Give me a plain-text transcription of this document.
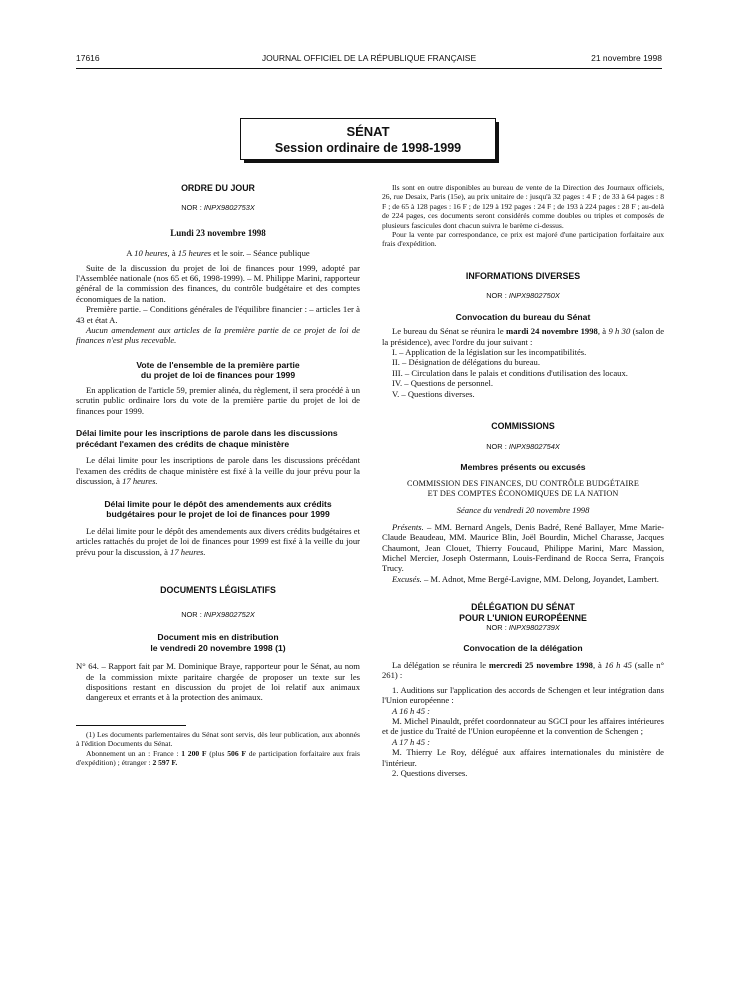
17616	JOURNAL OFFICIEL DE LA RÉPUBLIQUE FRANÇAISE	21 novembre 1998
SÉNAT
Session ordinaire de 1998-1999
ORDRE DU JOUR
NOR : INPX9802753X
Lundi 23 novembre 1998
A 10 heures, à 15 heures et le soir. – Séance publique

Suite de la discussion du projet de loi de finances pour 1999, adopté par l'Assemblée nationale (nos 65 et 66, 1998-1999). – M. Philippe Marini, rapporteur général de la commission des finances, du contrôle budgétaire et des comptes économiques de la nation.

Première partie. – Conditions générales de l'équilibre financier : – articles 1er à 43 et état A.

Aucun amendement aux articles de la première partie de ce projet de loi de finances n'est plus recevable.

Vote de l'ensemble de la première partie
du projet de loi de finances pour 1999

En application de l'article 59, premier alinéa, du règlement, il sera procédé à un scrutin public ordinaire lors du vote de la première partie du projet de loi de finances pour 1999.

Délai limite pour les inscriptions de parole dans les discussions précédant l'examen des crédits de chaque ministère

Le délai limite pour les inscriptions de parole dans les discussions précédant l'examen des crédits de chaque ministère est fixé à la veille du jour prévu pour la discussion, à 17 heures.

Délai limite pour le dépôt des amendements aux crédits
budgétaires pour le projet de loi de finances pour 1999

Le délai limite pour le dépôt des amendements aux divers crédits budgétaires et articles rattachés du projet de loi de finances pour 1999 est fixé à la veille du jour prévu pour la discussion, à 17 heures.

DOCUMENTS LÉGISLATIFS
NOR : INPX9802752X
Document mis en distribution
le vendredi 20 novembre 1998 (1)

N° 64. – Rapport fait par M. Dominique Braye, rapporteur pour le Sénat, au nom de la commission mixte paritaire chargée de proposer un texte sur les dispositions restant en discussion du projet de loi relatif aux animaux dangereux et errants et à la protection des animaux.

(1) Les documents parlementaires du Sénat sont servis, dès leur publication, aux abonnés à l'édition Documents du Sénat.

Abonnement un an : France : 1 200 F (plus 506 F de participation forfaitaire aux frais d'expédition) ; étranger : 2 597 F.

Ils sont en outre disponibles au bureau de vente de la Direction des Journaux officiels, 26, rue Desaix, Paris (15e), au prix unitaire de : jusqu'à 32 pages : 4 F ; de 33 à 64 pages : 8 F ; de 65 à 128 pages : 16 F ; de 129 à 192 pages : 24 F ; de 193 à 224 pages : 28 F ; au-delà de 224 pages, ces documents seront considérés comme doubles ou triples et composés de plusieurs fascicules dont chacun suivra le barème ci-dessus.

Pour la vente par correspondance, ce prix est majoré d'une participation forfaitaire aux frais d'expédition.

INFORMATIONS DIVERSES
NOR : INPX9802750X
Convocation du bureau du Sénat

Le bureau du Sénat se réunira le mardi 24 novembre 1998, à 9 h 30 (salon de la présidence), avec l'ordre du jour suivant :

I. – Application de la législation sur les incompatibilités.

II. – Désignation de délégations du bureau.

III. – Circulation dans le palais et conditions d'utilisation des locaux.

IV. – Questions de personnel.

V. – Questions diverses.

COMMISSIONS
NOR : INPX9802754X
Membres présents ou excusés
COMMISSION DES FINANCES, DU CONTRÔLE BUDGÉTAIRE
ET DES COMPTES ÉCONOMIQUES DE LA NATION
Séance du vendredi 20 novembre 1998

Présents. – MM. Bernard Angels, Denis Badré, René Ballayer, Mme Marie-Claude Beaudeau, MM. Maurice Blin, Joël Bourdin, Michel Charasse, Jacques Chaumont, Jean Clouet, Thierry Foucaud, Philippe Marini, Marc Massion, Michel Mercier, Joseph Ostermann, Louis-Ferdinand de Rocca Serra, François Trucy.

Excusés. – M. Adnot, Mme Bergé-Lavigne, MM. Delong, Joyandet, Lambert.

DÉLÉGATION DU SÉNAT
POUR L'UNION EUROPÉENNE
NOR : INPX9802739X
Convocation de la délégation

La délégation se réunira le mercredi 25 novembre 1998, à 16 h 45 (salle n° 261) :

1. Auditions sur l'application des accords de Schengen et leur intégration dans l'Union européenne :

A 16 h 45 :

M. Michel Pinauldt, préfet coordonnateur au SGCI pour les affaires intérieures et de justice du Traité de l'Union européenne et la convention de Schengen ;

A 17 h 45 :

M. Thierry Le Roy, délégué aux affaires internationales du ministère de l'intérieur.

2. Questions diverses.
